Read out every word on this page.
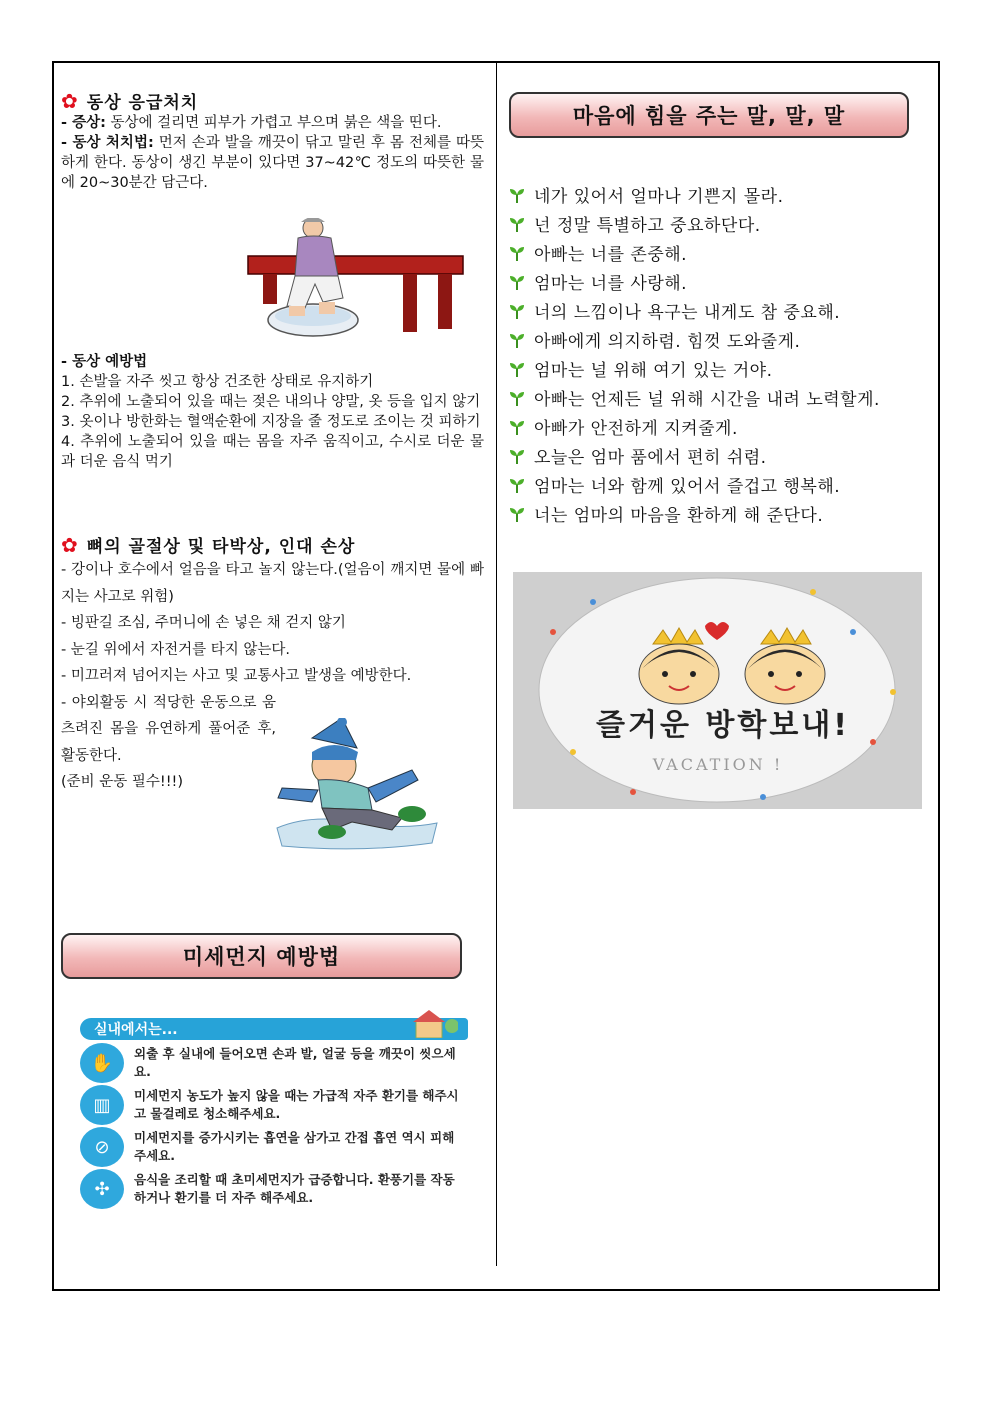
✿ 동상 응급처치
- 증상: 동상에 걸리면 피부가 가렵고 부으며 붉은 색을 띤다.
- 동상 처치법: 먼저 손과 발을 깨끗이 닦고 말린 후 몸 전체를 따뜻하게 한다. 동상이 생긴 부분이 있다면 37~42℃ 정도의 따뜻한 물에 20~30분간 담근다.
- 동상 예방법
1. 손발을 자주 씻고 항상 건조한 상태로 유지하기
2. 추위에 노출되어 있을 때는 젖은 내의나 양말, 옷 등을 입지 않기
3. 옷이나 방한화는 혈액순환에 지장을 줄 정도로 조이는 것 피하기
4. 추위에 노출되어 있을 때는 몸을 자주 움직이고, 수시로 더운 물과 더운 음식 먹기
✿ 뼈의 골절상 및 타박상, 인대 손상
- 강이나 호수에서 얼음을 타고 놀지 않는다.(얼음이 깨지면 물에 빠지는 사고로 위험)
- 빙판길 조심, 주머니에 손 넣은 채 걷지 않기
- 눈길 위에서 자전거를 타지 않는다.
- 미끄러져 넘어지는 사고 및 교통사고 발생을 예방한다.
- 야외활동 시 적당한 운동으로 움츠려진 몸을 유연하게 풀어준 후, 활동한다.
(준비 운동 필수!!!)
미세먼지 예방법
실내에서는...
✋	외출 후 실내에 들어오면 손과 발, 얼굴 등을 깨끗이 씻으세요.
▥	미세먼지 농도가 높지 않을 때는 가급적 자주 환기를 해주시고 물걸레로 청소해주세요.
⊘	미세먼지를 증가시키는 흡연을 삼가고 간접 흡연 역시 피해주세요.
✣	음식을 조리할 때 초미세먼지가 급증합니다. 환풍기를 작동하거나 환기를 더 자주 해주세요.
마음에 힘을 주는 말, 말, 말
네가 있어서 얼마나 기쁜지 몰라.
넌 정말 특별하고 중요하단다.
아빠는 너를 존중해.
엄마는 너를 사랑해.
너의 느낌이나 욕구는 내게도 참 중요해.
아빠에게 의지하렴. 힘껏 도와줄게.
엄마는 널 위해 여기 있는 거야.
아빠는 언제든 널 위해 시간을 내려 노력할게.
아빠가 안전하게 지켜줄게.
오늘은 엄마 품에서 편히 쉬렴.
엄마는 너와 함께 있어서 즐겁고 행복해.
너는 엄마의 마음을 환하게 해 준단다.
즐거운 방학보내!
VACATION !
